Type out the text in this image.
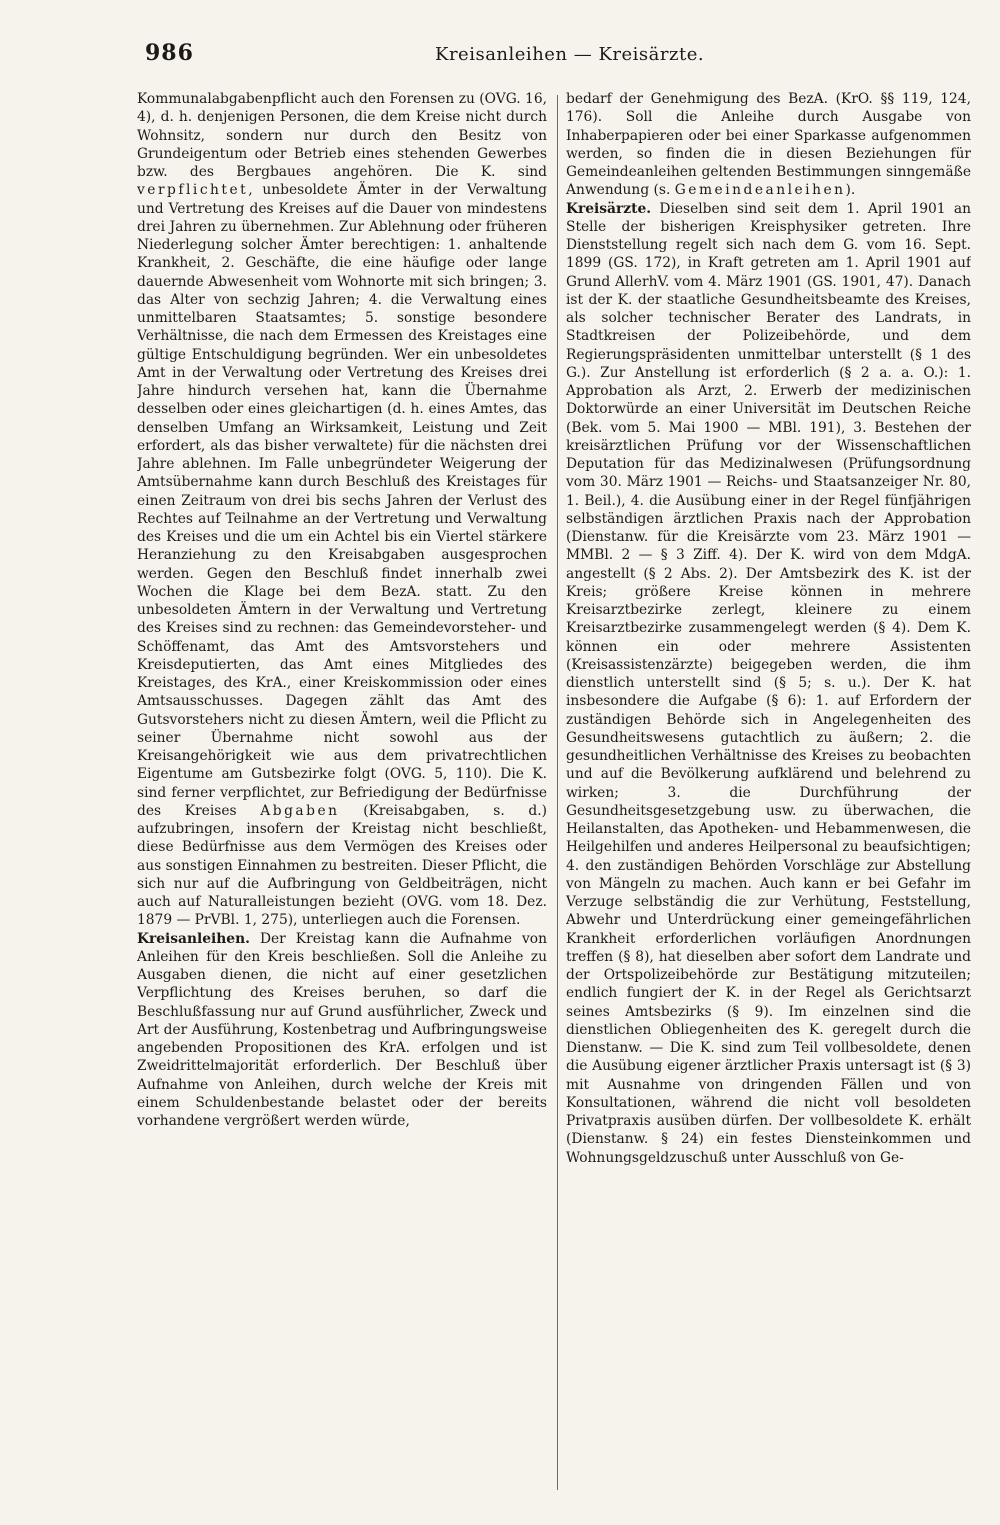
986	Kreisanleihen — Kreisärzte.

Kommunalabgabenpflicht auch den Forensen zu (OVG. 16, 4), d. h. denjenigen Personen, die dem Kreise nicht durch Wohnsitz, sondern nur durch den Besitz von Grundeigentum oder Betrieb eines stehenden Gewerbes bzw. des Bergbaues angehören. Die K. sind verpflichtet, unbesoldete Ämter in der Verwaltung und Vertretung des Kreises auf die Dauer von mindestens drei Jahren zu übernehmen. Zur Ablehnung oder früheren Niederlegung solcher Ämter berechtigen: 1. anhaltende Krankheit, 2. Geschäfte, die eine häufige oder lange dauernde Abwesenheit vom Wohnorte mit sich bringen; 3. das Alter von sechzig Jahren; 4. die Verwaltung eines unmittelbaren Staatsamtes; 5. sonstige besondere Verhältnisse, die nach dem Ermessen des Kreistages eine gültige Entschuldigung begründen. Wer ein unbesoldetes Amt in der Verwaltung oder Vertretung des Kreises drei Jahre hindurch versehen hat, kann die Übernahme desselben oder eines gleichartigen (d. h. eines Amtes, das denselben Umfang an Wirksamkeit, Leistung und Zeit erfordert, als das bisher verwaltete) für die nächsten drei Jahre ablehnen. Im Falle unbegründeter Weigerung der Amtsübernahme kann durch Beschluß des Kreistages für einen Zeitraum von drei bis sechs Jahren der Verlust des Rechtes auf Teilnahme an der Vertretung und Verwaltung des Kreises und die um ein Achtel bis ein Viertel stärkere Heranziehung zu den Kreisabgaben ausgesprochen werden. Gegen den Beschluß findet innerhalb zwei Wochen die Klage bei dem BezA. statt. Zu den unbesoldeten Ämtern in der Verwaltung und Vertretung des Kreises sind zu rechnen: das Gemeindevorsteher- und Schöffenamt, das Amt des Amtsvorstehers und Kreisdeputierten, das Amt eines Mitgliedes des Kreistages, des KrA., einer Kreiskommission oder eines Amtsausschusses. Dagegen zählt das Amt des Gutsvorstehers nicht zu diesen Ämtern, weil die Pflicht zu seiner Übernahme nicht sowohl aus der Kreisangehörigkeit wie aus dem privatrechtlichen Eigentume am Gutsbezirke folgt (OVG. 5, 110). Die K. sind ferner verpflichtet, zur Befriedigung der Bedürfnisse des Kreises Abgaben (Kreisabgaben, s. d.) aufzubringen, insofern der Kreistag nicht beschließt, diese Bedürfnisse aus dem Vermögen des Kreises oder aus sonstigen Einnahmen zu bestreiten. Dieser Pflicht, die sich nur auf die Aufbringung von Geldbeiträgen, nicht auch auf Naturalleistungen bezieht (OVG. vom 18. Dez. 1879 — PrVBl. 1, 275), unterliegen auch die Forensen.

Kreisanleihen. Der Kreistag kann die Aufnahme von Anleihen für den Kreis beschließen. Soll die Anleihe zu Ausgaben dienen, die nicht auf einer gesetzlichen Verpflichtung des Kreises beruhen, so darf die Beschlußfassung nur auf Grund ausführlicher, Zweck und Art der Ausführung, Kostenbetrag und Aufbringungsweise angebenden Propositionen des KrA. erfolgen und ist Zweidrittelmajorität erforderlich. Der Beschluß über Aufnahme von Anleihen, durch welche der Kreis mit einem Schuldenbestande belastet oder der bereits vorhandene vergrößert werden würde,

bedarf der Genehmigung des BezA. (KrO. §§ 119, 124, 176). Soll die Anleihe durch Ausgabe von Inhaberpapieren oder bei einer Sparkasse aufgenommen werden, so finden die in diesen Beziehungen für Gemeindeanleihen geltenden Bestimmungen sinngemäße Anwendung (s. Gemeindeanleihen).

Kreisärzte. Dieselben sind seit dem 1. April 1901 an Stelle der bisherigen Kreisphysiker getreten. Ihre Dienststellung regelt sich nach dem G. vom 16. Sept. 1899 (GS. 172), in Kraft getreten am 1. April 1901 auf Grund AllerhV. vom 4. März 1901 (GS. 1901, 47). Danach ist der K. der staatliche Gesundheitsbeamte des Kreises, als solcher technischer Berater des Landrats, in Stadtkreisen der Polizeibehörde, und dem Regierungspräsidenten unmittelbar unterstellt (§ 1 des G.). Zur Anstellung ist erforderlich (§ 2 a. a. O.): 1. Approbation als Arzt, 2. Erwerb der medizinischen Doktorwürde an einer Universität im Deutschen Reiche (Bek. vom 5. Mai 1900 — MBl. 191), 3. Bestehen der kreisärztlichen Prüfung vor der Wissenschaftlichen Deputation für das Medizinalwesen (Prüfungsordnung vom 30. März 1901 — Reichs- und Staatsanzeiger Nr. 80, 1. Beil.), 4. die Ausübung einer in der Regel fünfjährigen selbständigen ärztlichen Praxis nach der Approbation (Dienstanw. für die Kreisärzte vom 23. März 1901 — MMBl. 2 — § 3 Ziff. 4). Der K. wird von dem MdgA. angestellt (§ 2 Abs. 2). Der Amtsbezirk des K. ist der Kreis; größere Kreise können in mehrere Kreisarztbezirke zerlegt, kleinere zu einem Kreisarztbezirke zusammengelegt werden (§ 4). Dem K. können ein oder mehrere Assistenten (Kreisassistenzärzte) beigegeben werden, die ihm dienstlich unterstellt sind (§ 5; s. u.). Der K. hat insbesondere die Aufgabe (§ 6): 1. auf Erfordern der zuständigen Behörde sich in Angelegenheiten des Gesundheitswesens gutachtlich zu äußern; 2. die gesundheitlichen Verhältnisse des Kreises zu beobachten und auf die Bevölkerung aufklärend und belehrend zu wirken; 3. die Durchführung der Gesundheitsgesetzgebung usw. zu überwachen, die Heilanstalten, das Apotheken- und Hebammenwesen, die Heilgehilfen und anderes Heilpersonal zu beaufsichtigen; 4. den zuständigen Behörden Vorschläge zur Abstellung von Mängeln zu machen. Auch kann er bei Gefahr im Verzuge selbständig die zur Verhütung, Feststellung, Abwehr und Unterdrückung einer gemeingefährlichen Krankheit erforderlichen vorläufigen Anordnungen treffen (§ 8), hat dieselben aber sofort dem Landrate und der Ortspolizeibehörde zur Bestätigung mitzuteilen; endlich fungiert der K. in der Regel als Gerichtsarzt seines Amtsbezirks (§ 9). Im einzelnen sind die dienstlichen Obliegenheiten des K. geregelt durch die Dienstanw. — Die K. sind zum Teil vollbesoldete, denen die Ausübung eigener ärztlicher Praxis untersagt ist (§ 3) mit Ausnahme von dringenden Fällen und von Konsultationen, während die nicht voll besoldeten Privatpraxis ausüben dürfen. Der vollbesoldete K. erhält (Dienstanw. § 24) ein festes Diensteinkommen und Wohnungsgeldzuschuß unter Ausschluß von Ge-
